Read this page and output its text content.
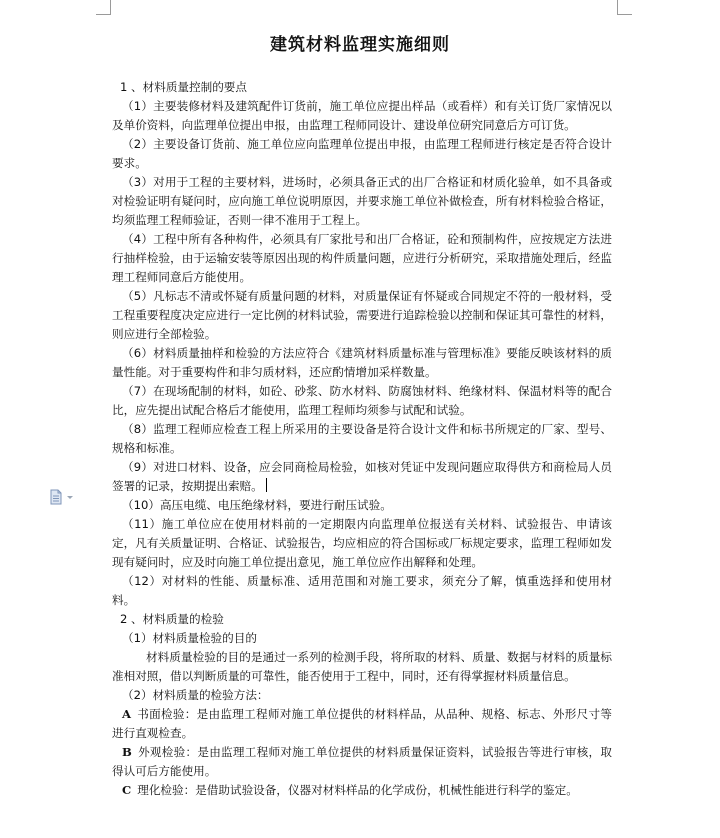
建筑材料监理实施细则

1 、材料质量控制的要点

（1）主要装修材料及建筑配件订货前，施工单位应提出样品（或看样）和有关订货厂家情况以及单价资料，向监理单位提出申报，由监理工程师同设计、建设单位研究同意后方可订货。

（2）主要设备订货前、施工单位应向监理单位提出申报，由监理工程师进行核定是否符合设计要求。

（3）对用于工程的主要材料，进场时，必须具备正式的出厂合格证和材质化验单，如不具备或对检验证明有疑问时，应向施工单位说明原因，并要求施工单位补做检查，所有材料检验合格证，均须监理工程师验证，否则一律不准用于工程上。

（4）工程中所有各种构件，必须具有厂家批号和出厂合格证，砼和预制构件，应按规定方法进行抽样检验，由于运输安装等原因出现的构件质量问题，应进行分析研究，采取措施处理后，经监理工程师同意后方能使用。

（5）凡标志不清或怀疑有质量问题的材料，对质量保证有怀疑或合同规定不符的一般材料，受工程重要程度决定应进行一定比例的材料试验，需要进行追踪检验以控制和保证其可靠性的材料，则应进行全部检验。

（6）材料质量抽样和检验的方法应符合《建筑材料质量标准与管理标准》要能反映该材料的质量性能。对于重要构件和非匀质材料，还应酌情增加采样数量。

（7）在现场配制的材料，如砼、砂浆、防水材料、防腐蚀材料、绝缘材料、保温材料等的配合比，应先提出试配合格后才能使用，监理工程师均须参与试配和试验。

（8）监理工程师应检查工程上所采用的主要设备是符合设计文件和标书所规定的厂家、型号、规格和标准。

（9）对进口材料、设备，应会同商检局检验，如核对凭证中发现问题应取得供方和商检局人员签署的记录，按期提出索赔。

（10）高压电缆、电压绝缘材料，要进行耐压试验。

（11）施工单位应在使用材料前的一定期限内向监理单位报送有关材料、试验报告、申请该定，凡有关质量证明、合格证、试验报告，均应相应的符合国标或厂标规定要求，监理工程师如发现有疑问时，应及时向施工单位提出意见，施工单位应作出解释和处理。

（12）对材料的性能、质量标准、适用范围和对施工要求，须充分了解，慎重选择和使用材料。

2 、材料质量的检验

（1）材料质量检验的目的

材料质量检验的目的是通过一系列的检测手段，将所取的材料、质量、数据与材料的质量标准相对照，借以判断质量的可靠性，能否使用于工程中，同时，还有得掌握材料质量信息。

（2）材料质量的检验方法：

A 书面检验：是由监理工程师对施工单位提供的材料样品，从品种、规格、标志、外形尺寸等进行直观检查。

B 外观检验：是由监理工程师对施工单位提供的材料质量保证资料，试验报告等进行审核，取得认可后方能使用。

C 理化检验：是借助试验设备，仪器对材料样品的化学成份，机械性能进行科学的鉴定。
